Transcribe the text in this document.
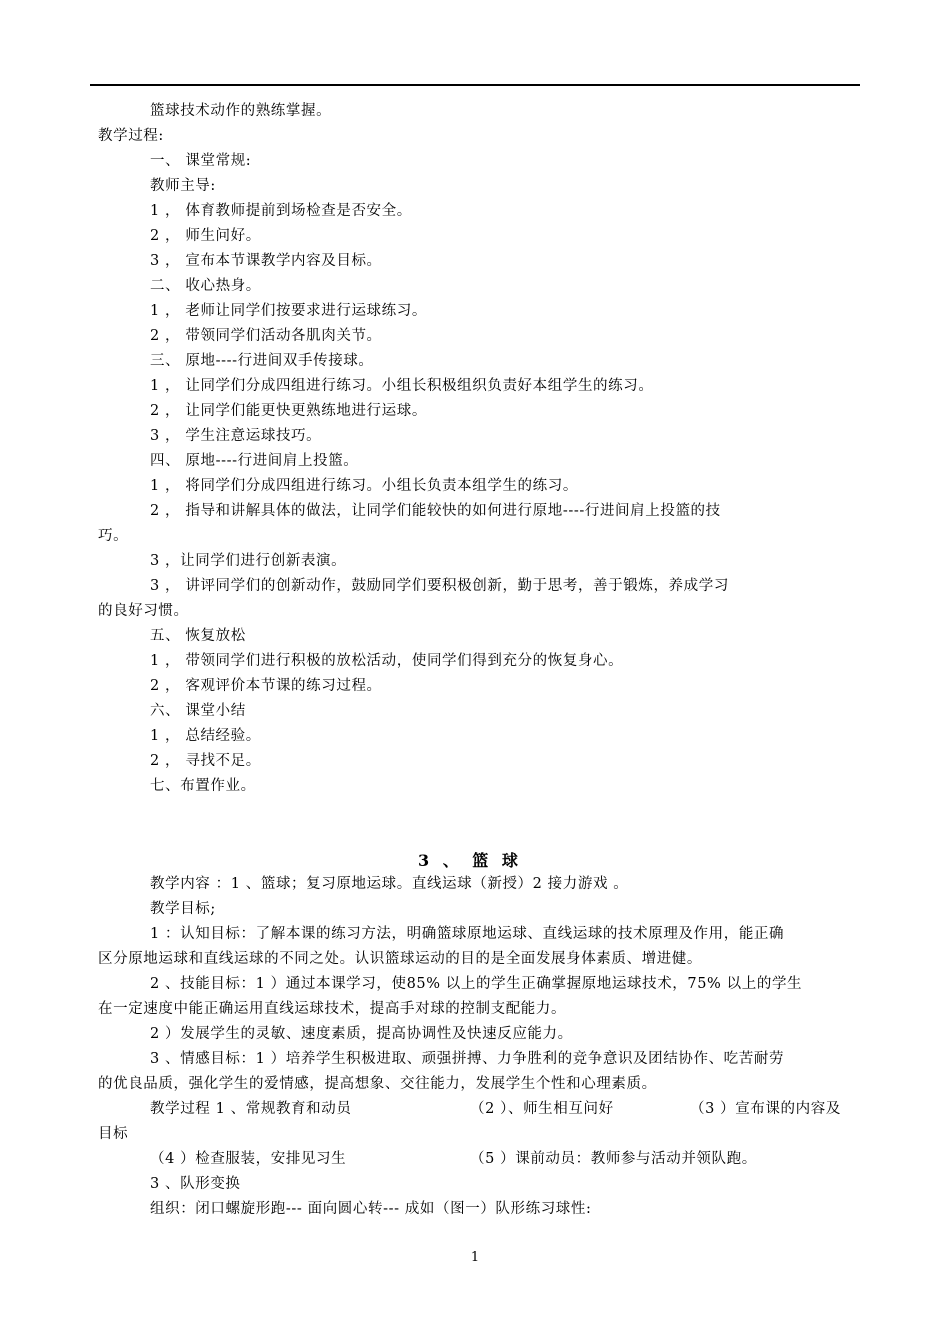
篮球技术动作的熟练掌握。
教学过程:
一、 课堂常规:
教师主导:
1 ， 体育教师提前到场检查是否安全。
2 ， 师生问好。
3 ， 宣布本节课教学内容及目标。
二、 收心热身。
1 ， 老师让同学们按要求进行运球练习。
2 ， 带领同学们活动各肌肉关节。
三、 原地----行进间双手传接球。
1 ， 让同学们分成四组进行练习。小组长积极组织负责好本组学生的练习。
2 ， 让同学们能更快更熟练地进行运球。
3 ， 学生注意运球技巧。
四、 原地----行进间肩上投篮。
1 ， 将同学们分成四组进行练习。小组长负责本组学生的练习。
2 ， 指导和讲解具体的做法，让同学们能较快的如何进行原地----行进间肩上投篮的技
巧。
3 ，让同学们进行创新表演。
3 ， 讲评同学们的创新动作，鼓励同学们要积极创新，勤于思考，善于锻炼，养成学习
的良好习惯。
五、 恢复放松
1 ， 带领同学们进行积极的放松活动，使同学们得到充分的恢复身心。
2 ， 客观评价本节课的练习过程。
六、 课堂小结
1 ， 总结经验。
2 ， 寻找不足。
七、布置作业。
3 、 篮 球
教学内容 ：1 、篮球；复习原地运球。直线运球（新授）2 接力游戏 。
教学目标;
1 ：认知目标：了解本课的练习方法，明确篮球原地运球、直线运球的技术原理及作用，能正确
区分原地运球和直线运球的不同之处。认识篮球运动的目的是全面发展身体素质、增进健。
2 、技能目标：1 ）通过本课学习，使85% 以上的学生正确掌握原地运球技术，75% 以上的学生
在一定速度中能正确运用直线运球技术，提高手对球的控制支配能力。
2 ）发展学生的灵敏、速度素质，提高协调性及快速反应能力。
3 、情感目标：1 ）培养学生积极进取、顽强拼搏、力争胜利的竞争意识及团结协作、吃苦耐劳
的优良品质，强化学生的爱情感，提高想象、交往能力，发展学生个性和心理素质。
教学过程 1 、常规教育和动员	（2 ）、师生相互问好	（3 ）宣布课的内容及
目标
（4 ）检查服装，安排见习生	（5 ）课前动员：教师参与活动并领队跑。
3 、队形变换
组织：闭口螺旋形跑--- 面向圆心转--- 成如（图一）队形练习球性:
1
